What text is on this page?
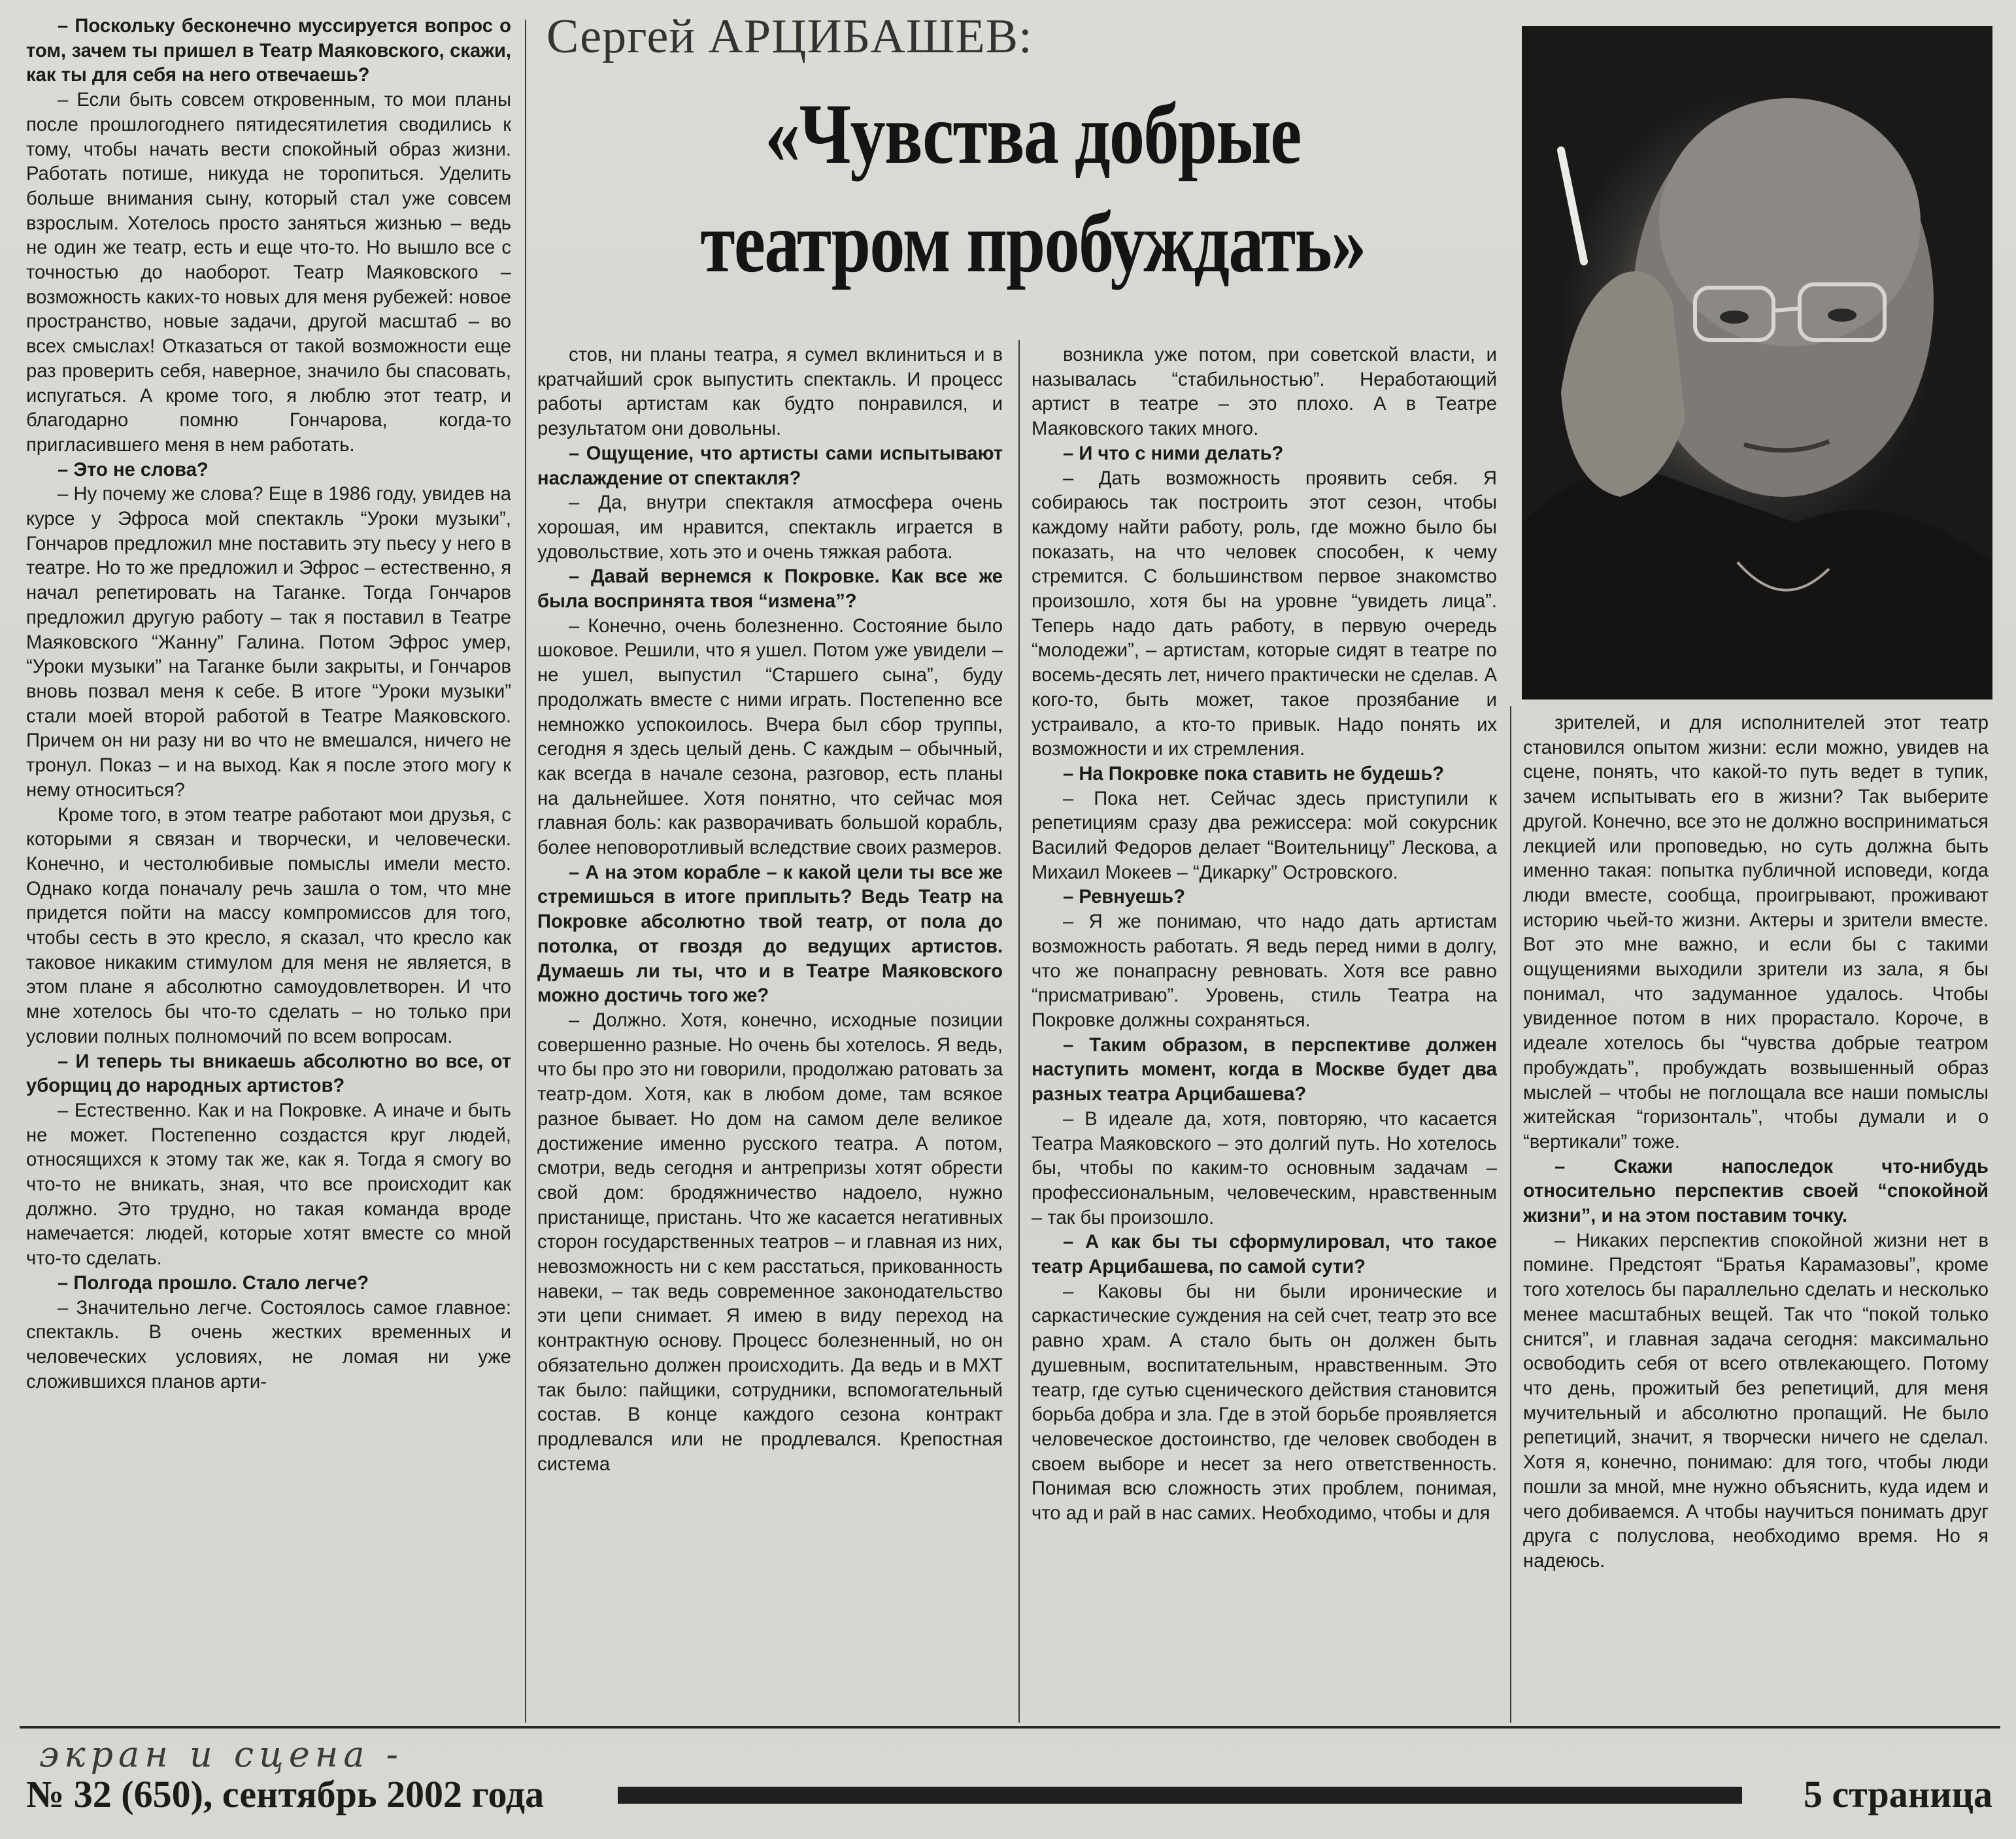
Сергей АРЦИБАШЕВ:
«Чувства добрые
театром пробуждать»

– Поскольку бесконечно муссируется вопрос о том, зачем ты пришел в Театр Маяковского, скажи, как ты для себя на него отвечаешь?

– Если быть совсем откровенным, то мои планы после прошлогоднего пятидесятилетия сводились к тому, чтобы начать вести спокойный образ жизни. Работать потише, никуда не торопиться. Уделить больше внимания сыну, который стал уже совсем взрослым. Хотелось просто заняться жизнью – ведь не один же театр, есть и еще что-то. Но вышло все с точностью до наоборот. Театр Маяковского – возможность каких-то новых для меня рубежей: новое пространство, новые задачи, другой масштаб – во всех смыслах! Отказаться от такой возможности еще раз проверить себя, наверное, значило бы спасовать, испугаться. А кроме того, я люблю этот театр, и благодарно помню Гончарова, когда-то пригласившего меня в нем работать.

– Это не слова?

– Ну почему же слова? Еще в 1986 году, увидев на курсе у Эфроса мой спектакль “Уроки музыки”, Гончаров предложил мне поставить эту пьесу у него в театре. Но то же предложил и Эфрос – естественно, я начал репетировать на Таганке. Тогда Гончаров предложил другую работу – так я поставил в Театре Маяковского “Жанну” Галина. Потом Эфрос умер, “Уроки музыки” на Таганке были закрыты, и Гончаров вновь позвал меня к себе. В итоге “Уроки музыки” стали моей второй работой в Театре Маяковского. Причем он ни разу ни во что не вмешался, ничего не тронул. Показ – и на выход. Как я после этого могу к нему относиться?

Кроме того, в этом театре работают мои друзья, с которыми я связан и творчески, и человечески. Конечно, и честолюбивые помыслы имели место. Однако когда поначалу речь зашла о том, что мне придется пойти на массу компромиссов для того, чтобы сесть в это кресло, я сказал, что кресло как таковое никаким стимулом для меня не является, в этом плане я абсолютно самоудовлетворен. И что мне хотелось бы что-то сделать – но только при условии полных полномочий по всем вопросам.

– И теперь ты вникаешь абсолютно во все, от уборщиц до народных артистов?

– Естественно. Как и на Покровке. А иначе и быть не может. Постепенно создастся круг людей, относящихся к этому так же, как я. Тогда я смогу во что-то не вникать, зная, что все происходит как должно. Это трудно, но такая команда вроде намечается: людей, которые хотят вместе со мной что-то сделать.

– Полгода прошло. Стало легче?

– Значительно легче. Состоялось самое главное: спектакль. В очень жестких временных и человеческих условиях, не ломая ни уже сложившихся планов арти-

стов, ни планы театра, я сумел вклиниться и в кратчайший срок выпустить спектакль. И процесс работы артистам как будто понравился, и результатом они довольны.

– Ощущение, что артисты сами испытывают наслаждение от спектакля?

– Да, внутри спектакля атмосфера очень хорошая, им нравится, спектакль играется в удовольствие, хоть это и очень тяжкая работа.

– Давай вернемся к Покровке. Как все же была воспринята твоя “измена”?

– Конечно, очень болезненно. Состояние было шоковое. Решили, что я ушел. Потом уже увидели – не ушел, выпустил “Старшего сына”, буду продолжать вместе с ними играть. Постепенно все немножко успокоилось. Вчера был сбор труппы, сегодня я здесь целый день. С каждым – обычный, как всегда в начале сезона, разговор, есть планы на дальнейшее. Хотя понятно, что сейчас моя главная боль: как разворачивать большой корабль, более неповоротливый вследствие своих размеров.

– А на этом корабле – к какой цели ты все же стремишься в итоге приплыть? Ведь Театр на Покровке абсолютно твой театр, от пола до потолка, от гвоздя до ведущих артистов. Думаешь ли ты, что и в Театре Маяковского можно достичь того же?

– Должно. Хотя, конечно, исходные позиции совершенно разные. Но очень бы хотелось. Я ведь, что бы про это ни говорили, продолжаю ратовать за театр-дом. Хотя, как в любом доме, там всякое разное бывает. Но дом на самом деле великое достижение именно русского театра. А потом, смотри, ведь сегодня и антрепризы хотят обрести свой дом: бродяжничество надоело, нужно пристанище, пристань. Что же касается негативных сторон государственных театров – и главная из них, невозможность ни с кем расстаться, прикованность навеки, – так ведь современное законодательство эти цепи снимает. Я имею в виду переход на контрактную основу. Процесс болезненный, но он обязательно должен происходить. Да ведь и в МХТ так было: пайщики, сотрудники, вспомогательный состав. В конце каждого сезона контракт продлевался или не продлевался. Крепостная система

возникла уже потом, при советской власти, и называлась “стабильностью”. Неработающий артист в театре – это плохо. А в Театре Маяковского таких много.

– И что с ними делать?

– Дать возможность проявить себя. Я собираюсь так построить этот сезон, чтобы каждому найти работу, роль, где можно было бы показать, на что человек способен, к чему стремится. С большинством первое знакомство произошло, хотя бы на уровне “увидеть лица”. Теперь надо дать работу, в первую очередь “молодежи”, – артистам, которые сидят в театре по восемь-десять лет, ничего практически не сделав. А кого-то, быть может, такое прозябание и устраивало, а кто-то привык. Надо понять их возможности и их стремления.

– На Покровке пока ставить не будешь?

– Пока нет. Сейчас здесь приступили к репетициям сразу два режиссера: мой сокурсник Василий Федоров делает “Воительницу” Лескова, а Михаил Мокеев – “Дикарку” Островского.

– Ревнуешь?

– Я же понимаю, что надо дать артистам возможность работать. Я ведь перед ними в долгу, что же понапрасну ревновать. Хотя все равно “присматриваю”. Уровень, стиль Театра на Покровке должны сохраняться.

– Таким образом, в перспективе должен наступить момент, когда в Москве будет два разных театра Арцибашева?

– В идеале да, хотя, повторяю, что касается Театра Маяковского – это долгий путь. Но хотелось бы, чтобы по каким-то основным задачам – профессиональным, человеческим, нравственным – так бы произошло.

– А как бы ты сформулировал, что такое театр Арцибашева, по самой сути?

– Каковы бы ни были иронические и саркастические суждения на сей счет, театр это все равно храм. А стало быть он должен быть душевным, воспитательным, нравственным. Это театр, где сутью сценического действия становится борьба добра и зла. Где в этой борьбе проявляется человеческое достоинство, где человек свободен в своем выборе и несет за него ответственность. Понимая всю сложность этих проблем, понимая, что ад и рай в нас самих. Необходимо, чтобы и для

зрителей, и для исполнителей этот театр становился опытом жизни: если можно, увидев на сцене, понять, что какой-то путь ведет в тупик, зачем испытывать его в жизни? Так выберите другой. Конечно, все это не должно восприниматься лекцией или проповедью, но суть должна быть именно такая: попытка публичной исповеди, когда люди вместе, сообща, проигрывают, проживают историю чьей-то жизни. Актеры и зрители вместе. Вот это мне важно, и если бы с такими ощущениями выходили зрители из зала, я бы понимал, что задуманное удалось. Чтобы увиденное потом в них прорастало. Короче, в идеале хотелось бы “чувства добрые театром пробуждать”, пробуждать возвышенный образ мыслей – чтобы не поглощала все наши помыслы житейская “горизонталь”, чтобы думали и о “вертикали” тоже.

– Скажи напоследок что-нибудь относительно перспектив своей “спокойной жизни”, и на этом поставим точку.

– Никаких перспектив спокойной жизни нет в помине. Предстоят “Братья Карамазовы”, кроме того хотелось бы параллельно сделать и несколько менее масштабных вещей. Так что “покой только снится”, и главная задача сегодня: максимально освободить себя от всего отвлекающего. Потому что день, прожитый без репетиций, для меня мучительный и абсолютно пропащий. Не было репетиций, значит, я творчески ничего не сделал. Хотя я, конечно, понимаю: для того, чтобы люди пошли за мной, мне нужно объяснить, куда идем и чего добиваемся. А чтобы научиться понимать друг друга с полуслова, необходимо время. Но я надеюсь.

экран и сцена -
№ 32 (650), сентябрь 2002 года	5 страница
